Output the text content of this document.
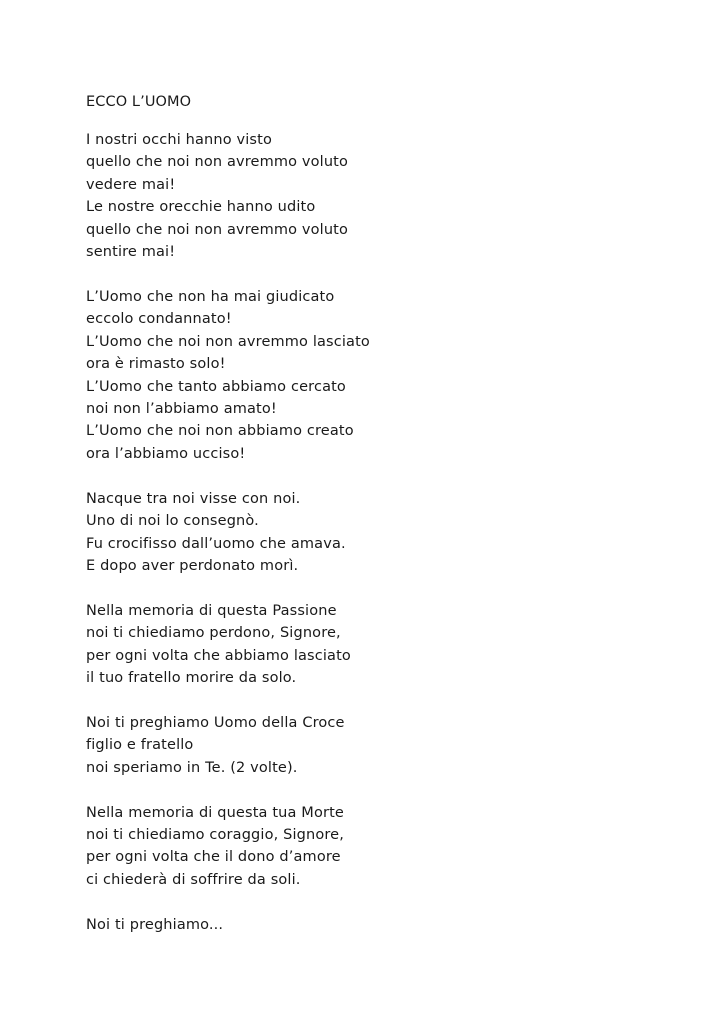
ECCO L’UOMO
I nostri occhi hanno visto
quello che noi non avremmo voluto
vedere mai!
Le nostre orecchie hanno udito
quello che noi non avremmo voluto
sentire mai!
L’Uomo che non ha mai giudicato
eccolo condannato!
L’Uomo che noi non avremmo lasciato
ora è rimasto solo!
L’Uomo che tanto abbiamo cercato
noi non l’abbiamo amato!
L’Uomo che noi non abbiamo creato
ora l’abbiamo ucciso!
Nacque tra noi visse con noi.
Uno di noi lo consegnò.
Fu crocifisso dall’uomo che amava.
E dopo aver perdonato morì.
Nella memoria di questa Passione
noi ti chiediamo perdono, Signore,
per ogni volta che abbiamo lasciato
il tuo fratello morire da solo.
Noi ti preghiamo Uomo della Croce
figlio e fratello
noi speriamo in Te. (2 volte).
Nella memoria di questa tua Morte
noi ti chiediamo coraggio, Signore,
per ogni volta che il dono d’amore
ci chiederà di soffrire da soli.
Noi ti preghiamo...
